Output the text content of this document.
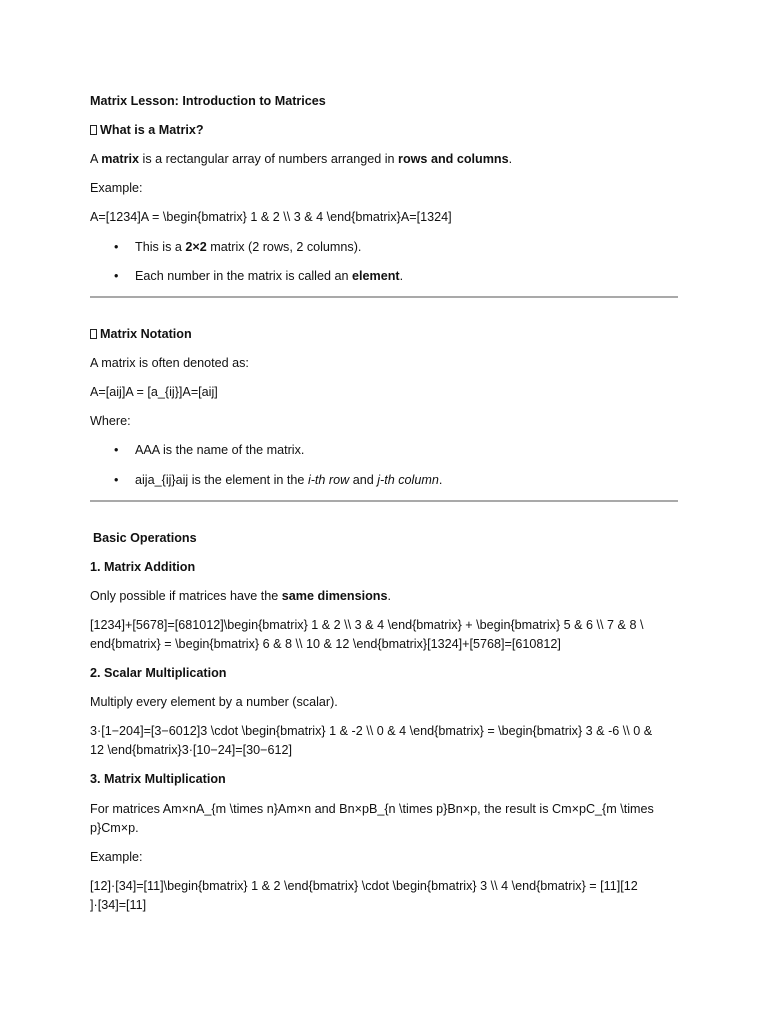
Matrix Lesson: Introduction to Matrices
What is a Matrix?
A matrix is a rectangular array of numbers arranged in rows and columns.
Example:
A=[1234]A = \begin{bmatrix} 1 & 2 \\ 3 & 4 \end{bmatrix}A=[1324]
• This is a 2×2 matrix (2 rows, 2 columns).
• Each number in the matrix is called an element.
Matrix Notation
A matrix is often denoted as:
A=[aij]A = [a_{ij}]A=[aij]
Where:
• AAA is the name of the matrix.
• aija_{ij}aij is the element in the i-th row and j-th column.
Basic Operations
1. Matrix Addition
Only possible if matrices have the same dimensions.
[1234]+[5678]=[681012]\begin{bmatrix} 1 & 2 \\ 3 & 4 \end{bmatrix} + \begin{bmatrix} 5 & 6 \\ 7 & 8 \
end{bmatrix} = \begin{bmatrix} 6 & 8 \\ 10 & 12 \end{bmatrix}[1324]+[5768]=[610812]
2. Scalar Multiplication
Multiply every element by a number (scalar).
3·[1−204]=[3−6012]3 \cdot \begin{bmatrix} 1 & -2 \\ 0 & 4 \end{bmatrix} = \begin{bmatrix} 3 & -6 \\ 0 &
12 \end{bmatrix}3·[10−24]=[30−612]
3. Matrix Multiplication
For matrices Am×nA_{m \times n}Am×n and Bn×pB_{n \times p}Bn×p, the result is Cm×pC_{m \times
p}Cm×p.
Example:
[12]·[34]=[11]\begin{bmatrix} 1 & 2 \end{bmatrix} \cdot \begin{bmatrix} 3 \\ 4 \end{bmatrix} = [11][12
]·[34]=[11]
